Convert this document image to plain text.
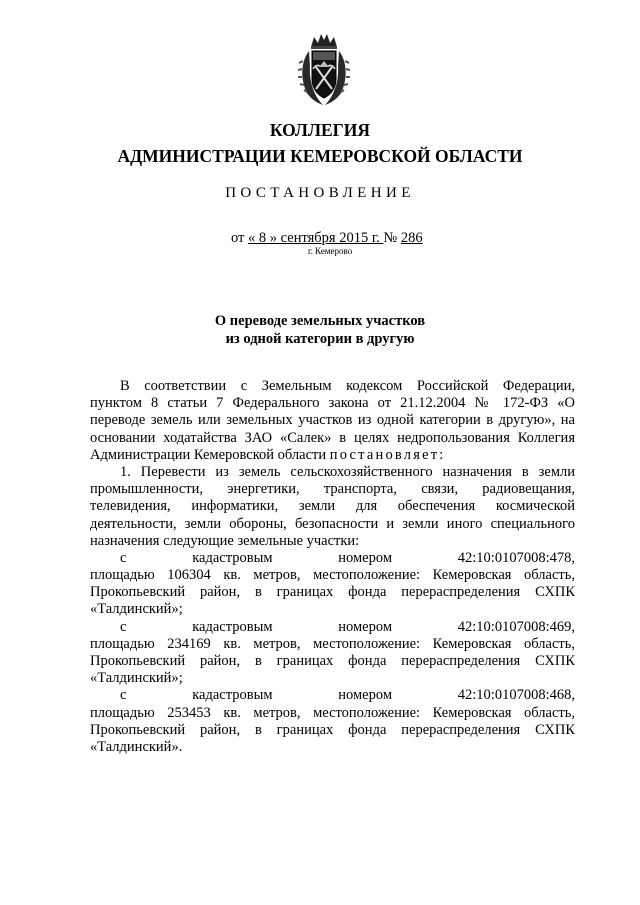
КОЛЛЕГИЯ
АДМИНИСТРАЦИИ КЕМЕРОВСКОЙ ОБЛАСТИ
ПОСТАНОВЛЕНИЕ
от « 8 » сентября 2015 г. № 286
г. Кемерово
О переводе земельных участков
из одной категории в другую
В соответствии с Земельным кодексом Российской Федерации,
пунктом 8 статьи 7 Федерального закона от 21.12.2004 № 172-ФЗ «О
переводе земель или земельных участков из одной категории в другую», на
основании ходатайства ЗАО «Салек» в целях недропользования Коллегия
Администрации Кемеровской области постановляет:
1. Перевести из земель сельскохозяйственного назначения в земли
промышленности, энергетики, транспорта, связи, радиовещания,
телевидения, информатики, земли для обеспечения космической
деятельности, земли обороны, безопасности и земли иного специального
назначения следующие земельные участки:
с	кадастровым	номером	42:10:0107008:478,
площадью 106304 кв. метров, местоположение: Кемеровская область,
Прокопьевский район, в границах фонда перераспределения СХПК
«Талдинский»;
с	кадастровым	номером	42:10:0107008:469,
площадью 234169 кв. метров, местоположение: Кемеровская область,
Прокопьевский район, в границах фонда перераспределения СХПК
«Талдинский»;
с	кадастровым	номером	42:10:0107008:468,
площадью 253453 кв. метров, местоположение: Кемеровская область,
Прокопьевский район, в границах фонда перераспределения СХПК
«Талдинский».
